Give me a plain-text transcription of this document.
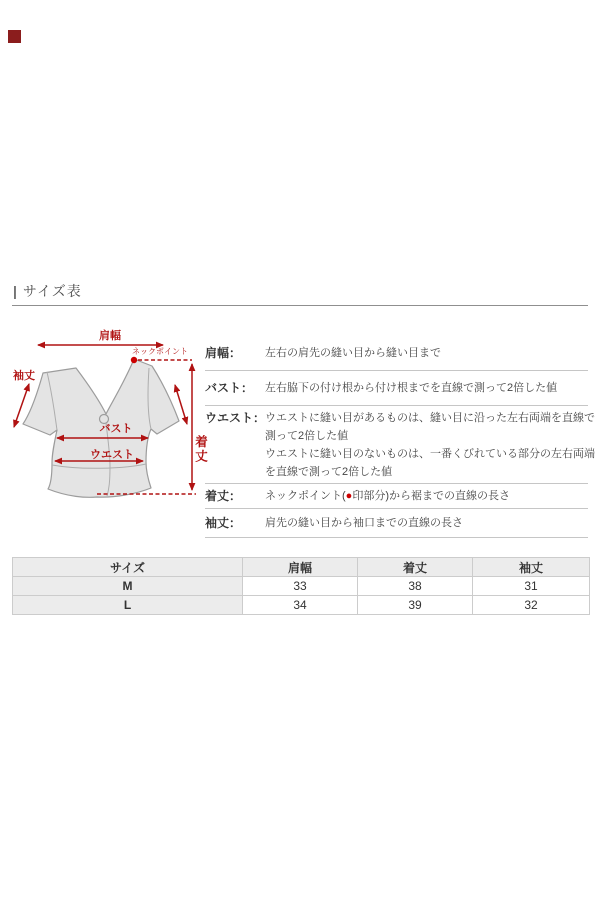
| サイズ表
肩幅
ネックポイント
袖丈
バスト
ウエスト	着丈
肩幅：	左右の肩先の縫い目から縫い目まで
バスト：	左右脇下の付け根から付け根までを直線で測って2倍した値
ウエスト： ウエストに縫い目があるものは、縫い目に沿った左右両端を直線で
測って2倍した値
ウエストに縫い目のないものは、一番くびれている部分の左右両端
を直線で測って2倍した値
着丈：	ネックポイント(●印部分)から裾までの直線の長さ
袖丈：	肩先の縫い目から袖口までの直線の長さ
サイズ	肩幅	着丈	袖丈
M	33	38	31
L	34	39	32
